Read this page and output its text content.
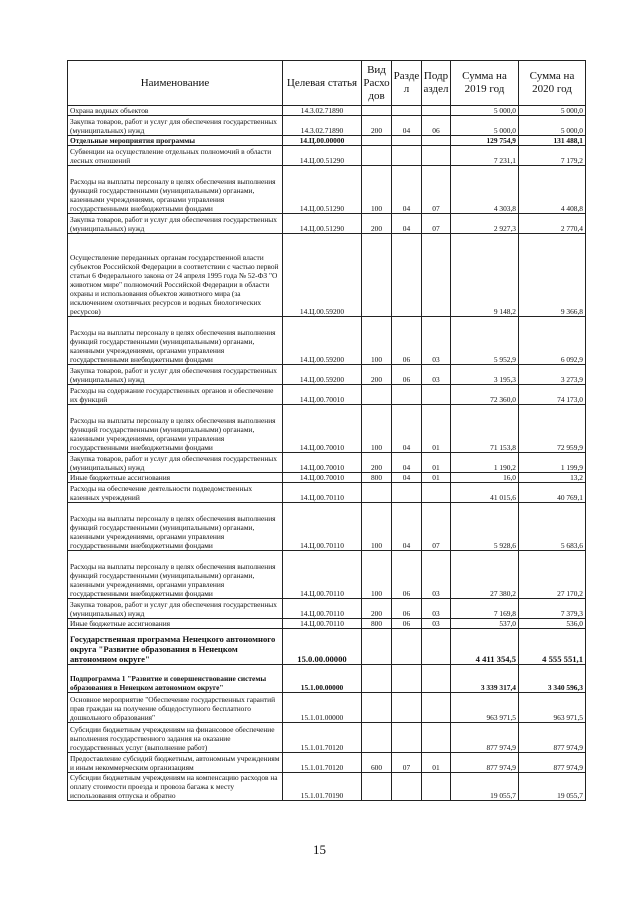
Наименование	Целевая статья	Вид Расхо дов	Разде л	Подр аздел	Сумма на 2019 год	Сумма на 2020 год
Охрана водных объектов	14.3.02.71890				5 000,0	5 000,0
Закупка товаров, работ и услуг для обеспечения государственных (муниципальных) нужд	14.3.02.71890	200	04	06	5 000,0	5 000,0
Отдельные мероприятия программы	14.Ц.00.00000				129 754,9	131 488,1
Субвенции на осуществление отдельных полномочий в области лесных отношений	14.Ц.00.51290				7 231,1	7 179,2
Расходы на выплаты персоналу в целях обеспечения выполнения функций государственными (муниципальными) органами, казенными учреждениями, органами управления государственными внебюджетными фондами	14.Ц.00.51290	100	04	07	4 303,8	4 408,8
Закупка товаров, работ и услуг для обеспечения государственных (муниципальных) нужд	14.Ц.00.51290	200	04	07	2 927,3	2 770,4
Осуществление переданных органам государственной власти субъектов Российской Федерации в соответствии с частью первой статьи 6 Федерального закона от 24 апреля 1995 года № 52-ФЗ "О животном мире" полномочий Российской Федерации в области охраны и использования объектов животного мира (за исключением охотничьих ресурсов и водных биологических ресурсов)	14.Ц.00.59200				9 148,2	9 366,8
Расходы на выплаты персоналу в целях обеспечения выполнения функций государственными (муниципальными) органами, казенными учреждениями, органами управления государственными внебюджетными фондами	14.Ц.00.59200	100	06	03	5 952,9	6 092,9
Закупка товаров, работ и услуг для обеспечения государственных (муниципальных) нужд	14.Ц.00.59200	200	06	03	3 195,3	3 273,9
Расходы на содержание государственных органов и обеспечение их функций	14.Ц.00.70010				72 360,0	74 173,0
Расходы на выплаты персоналу в целях обеспечения выполнения функций государственными (муниципальными) органами, казенными учреждениями, органами управления государственными внебюджетными фондами	14.Ц.00.70010	100	04	01	71 153,8	72 959,9
Закупка товаров, работ и услуг для обеспечения государственных (муниципальных) нужд	14.Ц.00.70010	200	04	01	1 190,2	1 199,9
Иные бюджетные ассигнования	14.Ц.00.70010	800	04	01	16,0	13,2
Расходы на обеспечение деятельности подведомственных казенных учреждений	14.Ц.00.70110				41 015,6	40 769,1
Расходы на выплаты персоналу в целях обеспечения выполнения функций государственными (муниципальными) органами, казенными учреждениями, органами управления государственными внебюджетными фондами	14.Ц.00.70110	100	04	07	5 928,6	5 683,6
Расходы на выплаты персоналу в целях обеспечения выполнения функций государственными (муниципальными) органами, казенными учреждениями, органами управления государственными внебюджетными фондами	14.Ц.00.70110	100	06	03	27 380,2	27 170,2
Закупка товаров, работ и услуг для обеспечения государственных (муниципальных) нужд	14.Ц.00.70110	200	06	03	7 169,8	7 379,3
Иные бюджетные ассигнования	14.Ц.00.70110	800	06	03	537,0	536,0
Государственная программа Ненецкого автономного округа "Развитие образования в Ненецком автономном округе"	15.0.00.00000				4 411 354,5	4 555 551,1
Подпрограмма 1 "Развитие и совершенствование системы образования в Ненецком автономном округе"	15.1.00.00000				3 339 317,4	3 340 596,3
Основное мероприятие "Обеспечение государственных гарантий прав граждан на получение общедоступного бесплатного дошкольного образования"	15.1.01.00000				963 971,5	963 971,5
Субсидии бюджетным учреждениям на финансовое обеспечение выполнения государственного задания на оказание государственных услуг (выполнение работ)	15.1.01.70120				877 974,9	877 974,9
Предоставление субсидий бюджетным, автономным учреждениям и иным некоммерческим организациям	15.1.01.70120	600	07	01	877 974,9	877 974,9
Субсидии бюджетным учреждениям на компенсацию расходов на оплату стоимости проезда и провоза багажа к месту использования отпуска и обратно	15.1.01.70190				19 055,7	19 055,7
15
